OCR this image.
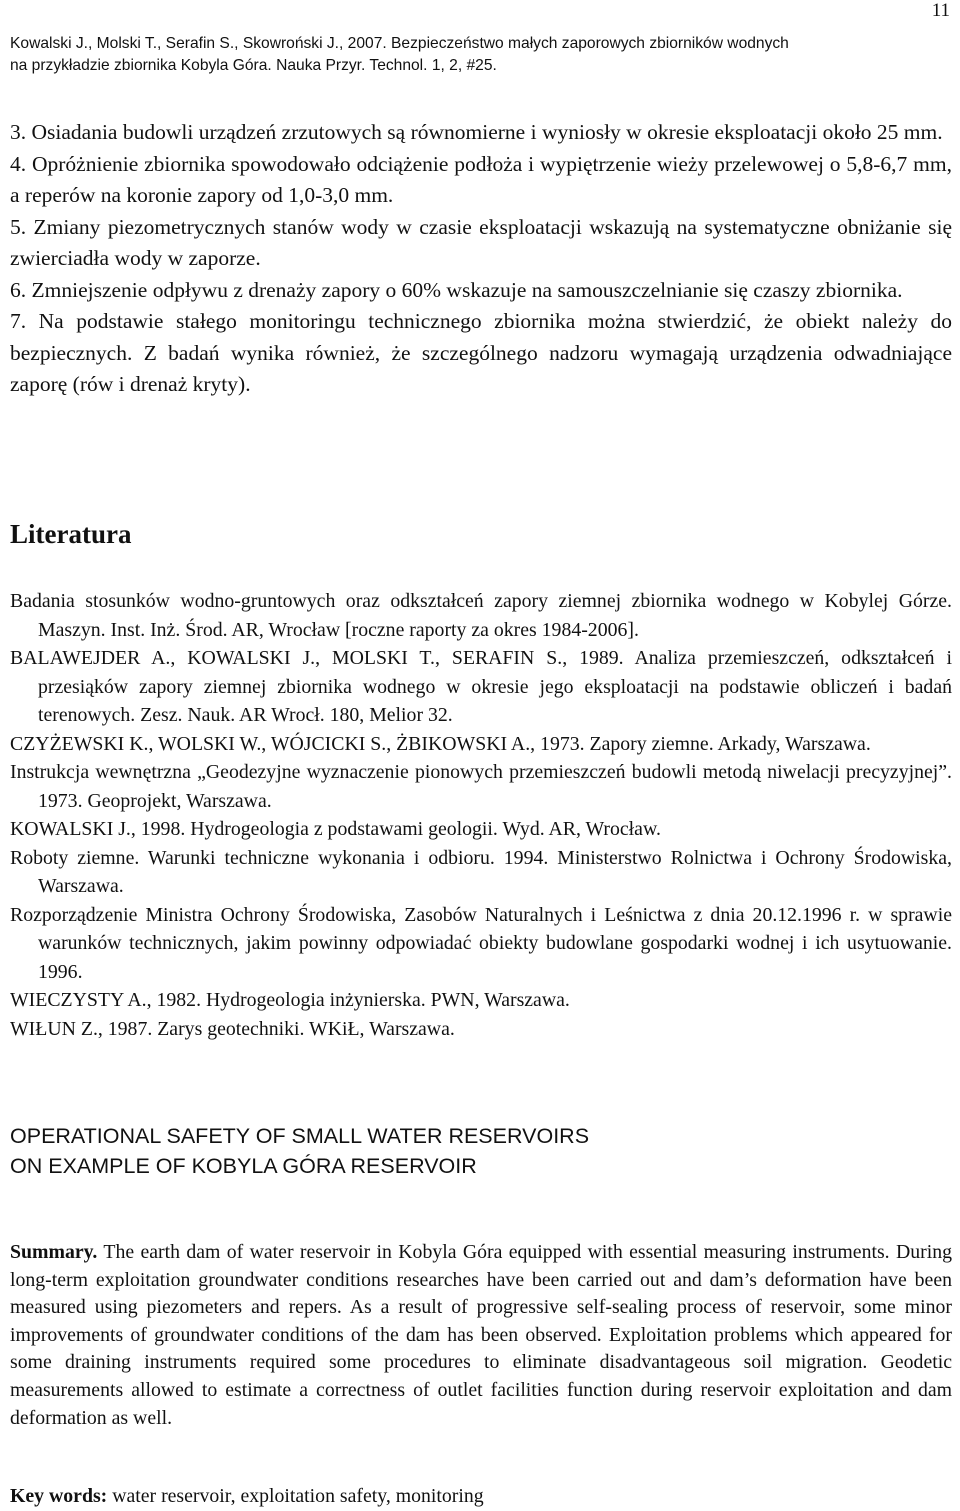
11
Kowalski J., Molski T., Serafin S., Skowroński J., 2007. Bezpieczeństwo małych zaporowych zbiorników wodnych
na przykładzie zbiornika Kobyla Góra. Nauka Przyr. Technol. 1, 2, #25.

3. Osiadania budowli urządzeń zrzutowych są równomierne i wyniosły w okresie eksploatacji około 25 mm.

4. Opróżnienie zbiornika spowodowało odciążenie podłoża i wypiętrzenie wieży przelewowej o 5,8-6,7 mm, a reperów na koronie zapory od 1,0-3,0 mm.

5. Zmiany piezometrycznych stanów wody w czasie eksploatacji wskazują na systematyczne obniżanie się zwierciadła wody w zaporze.

6. Zmniejszenie odpływu z drenaży zapory o 60% wskazuje na samouszczelnianie się czaszy zbiornika.

7. Na podstawie stałego monitoringu technicznego zbiornika można stwierdzić, że obiekt należy do bezpiecznych. Z badań wynika również, że szczególnego nadzoru wymagają urządzenia odwadniające zaporę (rów i drenaż kryty).

Literatura

Badania stosunków wodno-gruntowych oraz odkształceń zapory ziemnej zbiornika wodnego w Kobylej Górze. Maszyn. Inst. Inż. Środ. AR, Wrocław [roczne raporty za okres 1984-2006].

BALAWEJDER A., KOWALSKI J., MOLSKI T., SERAFIN S., 1989. Analiza przemieszczeń, odkształceń i przesiąków zapory ziemnej zbiornika wodnego w okresie jego eksploatacji na podstawie obliczeń i badań terenowych. Zesz. Nauk. AR Wrocł. 180, Melior 32.

CZYŻEWSKI K., WOLSKI W., WÓJCICKI S., ŻBIKOWSKI A., 1973. Zapory ziemne. Arkady, Warszawa.

Instrukcja wewnętrzna „Geodezyjne wyznaczenie pionowych przemieszczeń budowli metodą niwelacji precyzyjnej”. 1973. Geoprojekt, Warszawa.

KOWALSKI J., 1998. Hydrogeologia z podstawami geologii. Wyd. AR, Wrocław.

Roboty ziemne. Warunki techniczne wykonania i odbioru. 1994. Ministerstwo Rolnictwa i Ochrony Środowiska, Warszawa.

Rozporządzenie Ministra Ochrony Środowiska, Zasobów Naturalnych i Leśnictwa z dnia 20.12.1996 r. w sprawie warunków technicznych, jakim powinny odpowiadać obiekty budowlane gospodarki wodnej i ich usytuowanie. 1996.

WIECZYSTY A., 1982. Hydrogeologia inżynierska. PWN, Warszawa.

WIŁUN Z., 1987. Zarys geotechniki. WKiŁ, Warszawa.

OPERATIONAL SAFETY OF SMALL WATER RESERVOIRS
ON EXAMPLE OF KOBYLA GÓRA RESERVOIR

Summary. The earth dam of water reservoir in Kobyla Góra equipped with essential measuring instruments. During long-term exploitation groundwater conditions researches have been carried out and dam’s deformation have been measured using piezometers and repers. As a result of progressive self-sealing process of reservoir, some minor improvements of groundwater conditions of the dam has been observed. Exploitation problems which appeared for some draining instruments required some procedures to eliminate disadvantageous soil migration. Geodetic measurements allowed to estimate a correctness of outlet facilities function during reservoir exploitation and dam deformation as well.

Key words: water reservoir, exploitation safety, monitoring
